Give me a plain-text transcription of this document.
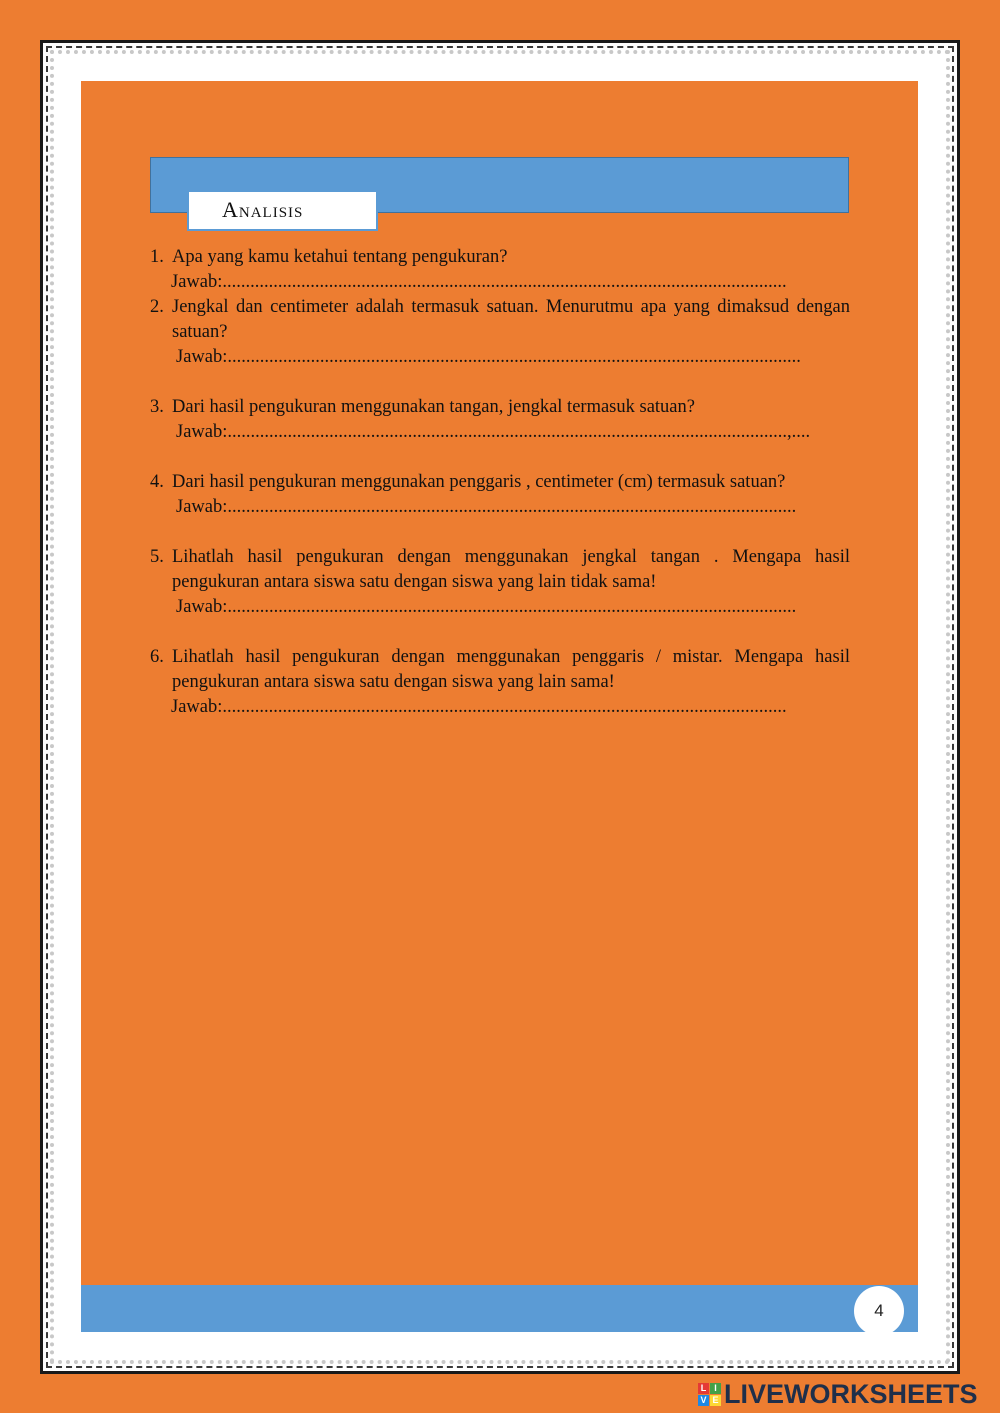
Analisis
1. Apa yang kamu ketahui tentang pengukuran?
Jawab:..........................................................................................................................
2. Jengkal dan centimeter adalah termasuk satuan. Menurutmu apa yang dimaksud dengan satuan?
Jawab:............................................................................................................................
3. Dari hasil pengukuran menggunakan tangan, jengkal termasuk satuan?
Jawab:.........................................................................................................................,....
4. Dari hasil pengukuran menggunakan penggaris , centimeter (cm) termasuk satuan?
Jawab:...........................................................................................................................
5. Lihatlah hasil pengukuran dengan menggunakan jengkal tangan . Mengapa hasil pengukuran antara siswa satu dengan siswa yang lain tidak sama!
Jawab:...........................................................................................................................
6. Lihatlah hasil pengukuran dengan menggunakan penggaris / mistar. Mengapa hasil pengukuran antara siswa satu dengan siswa yang lain sama!
Jawab:..........................................................................................................................
4
L I
V E LIVEWORKSHEETS
